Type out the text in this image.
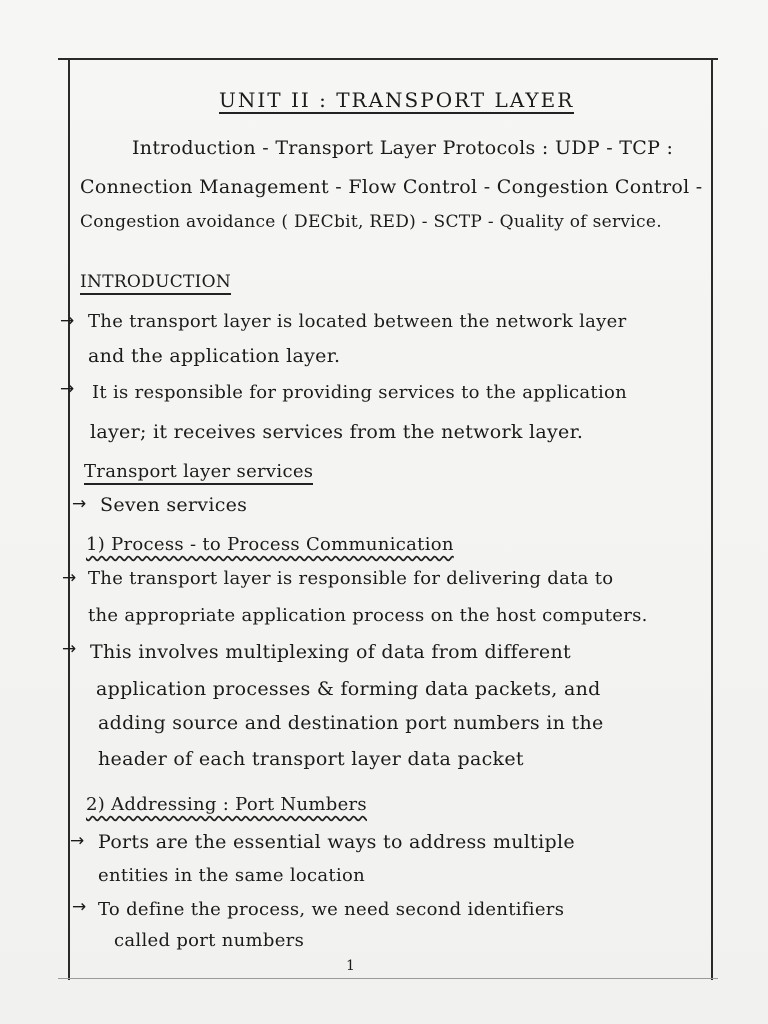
UNIT II : TRANSPORT LAYER
Introduction - Transport Layer Protocols : UDP - TCP :
Connection Management - Flow Control - Congestion Control -
Congestion avoidance ( DECbit, RED) - SCTP - Quality of service.
INTRODUCTION
→ The transport layer is located between the network layer
and the application layer.
→ It is responsible for providing services to the application
layer; it receives services from the network layer.
Transport layer services
→ Seven services
1) Process - to Process Communication
→ The transport layer is responsible for delivering data to
the appropriate application process on the host computers.
→ This involves multiplexing of data from different
application processes & forming data packets, and
adding source and destination port numbers in the
header of each transport layer data packet
2) Addressing : Port Numbers
→ Ports are the essential ways to address multiple
entities in the same location
→ To define the process, we need second identifiers
called port numbers
1
